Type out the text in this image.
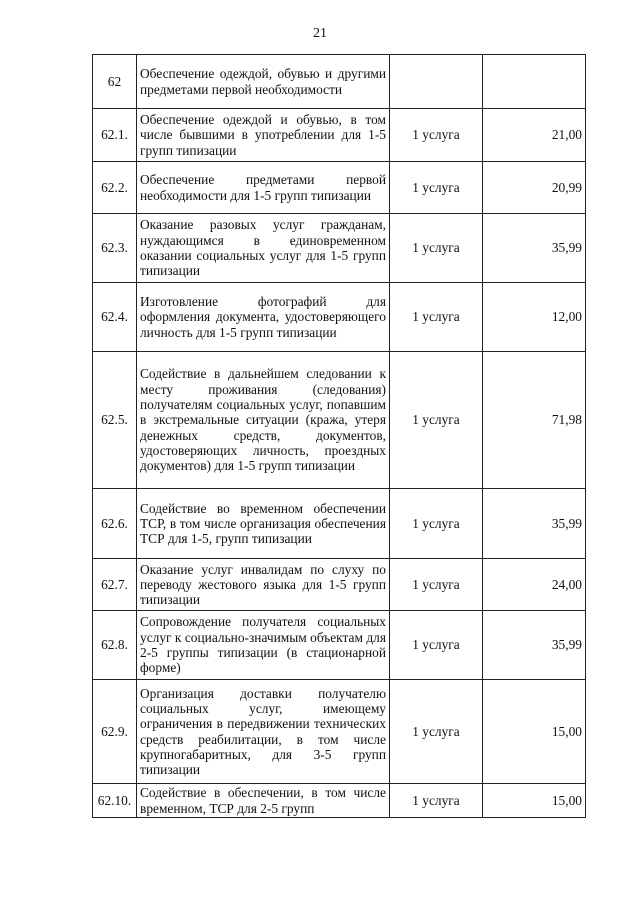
21
62	Обеспечение одеждой, обувью и другими предметами первой необходимости		
62.1.	Обеспечение одеждой и обувью, в том числе бывшими в употреблении для 1-5 групп типизации	1 услуга	21,00
62.2.	Обеспечение предметами первой необходимости для 1-5 групп типизации	1 услуга	20,99
62.3.	Оказание разовых услуг гражданам, нуждающимся в единовременном оказании социальных услуг для 1-5 групп типизации	1 услуга	35,99
62.4.	Изготовление фотографий для оформления документа, удостоверяющего личность для 1-5 групп типизации	1 услуга	12,00
62.5.	Содействие в дальнейшем следовании к месту проживания (следования) получателям социальных услуг, попавшим в экстремальные ситуации (кража, утеря денежных средств, документов, удостоверяющих личность, проездных документов) для 1-5 групп типизации	1 услуга	71,98
62.6.	Содействие во временном обеспечении ТСР, в том числе организация обеспечения ТСР для 1-5, групп типизации	1 услуга	35,99
62.7.	Оказание услуг инвалидам по слуху по переводу жестового языка для 1-5 групп типизации	1 услуга	24,00
62.8.	Сопровождение получателя социальных услуг к социально-значимым объектам для 2-5 группы типизации (в стационарной форме)	1 услуга	35,99
62.9.	Организация доставки получателю социальных услуг, имеющему ограничения в передвижении технических средств реабилитации, в том числе крупногабаритных, для 3-5 групп типизации	1 услуга	15,00
62.10.	Содействие в обеспечении, в том числе временном, ТСР для 2-5 групп	1 услуга	15,00
